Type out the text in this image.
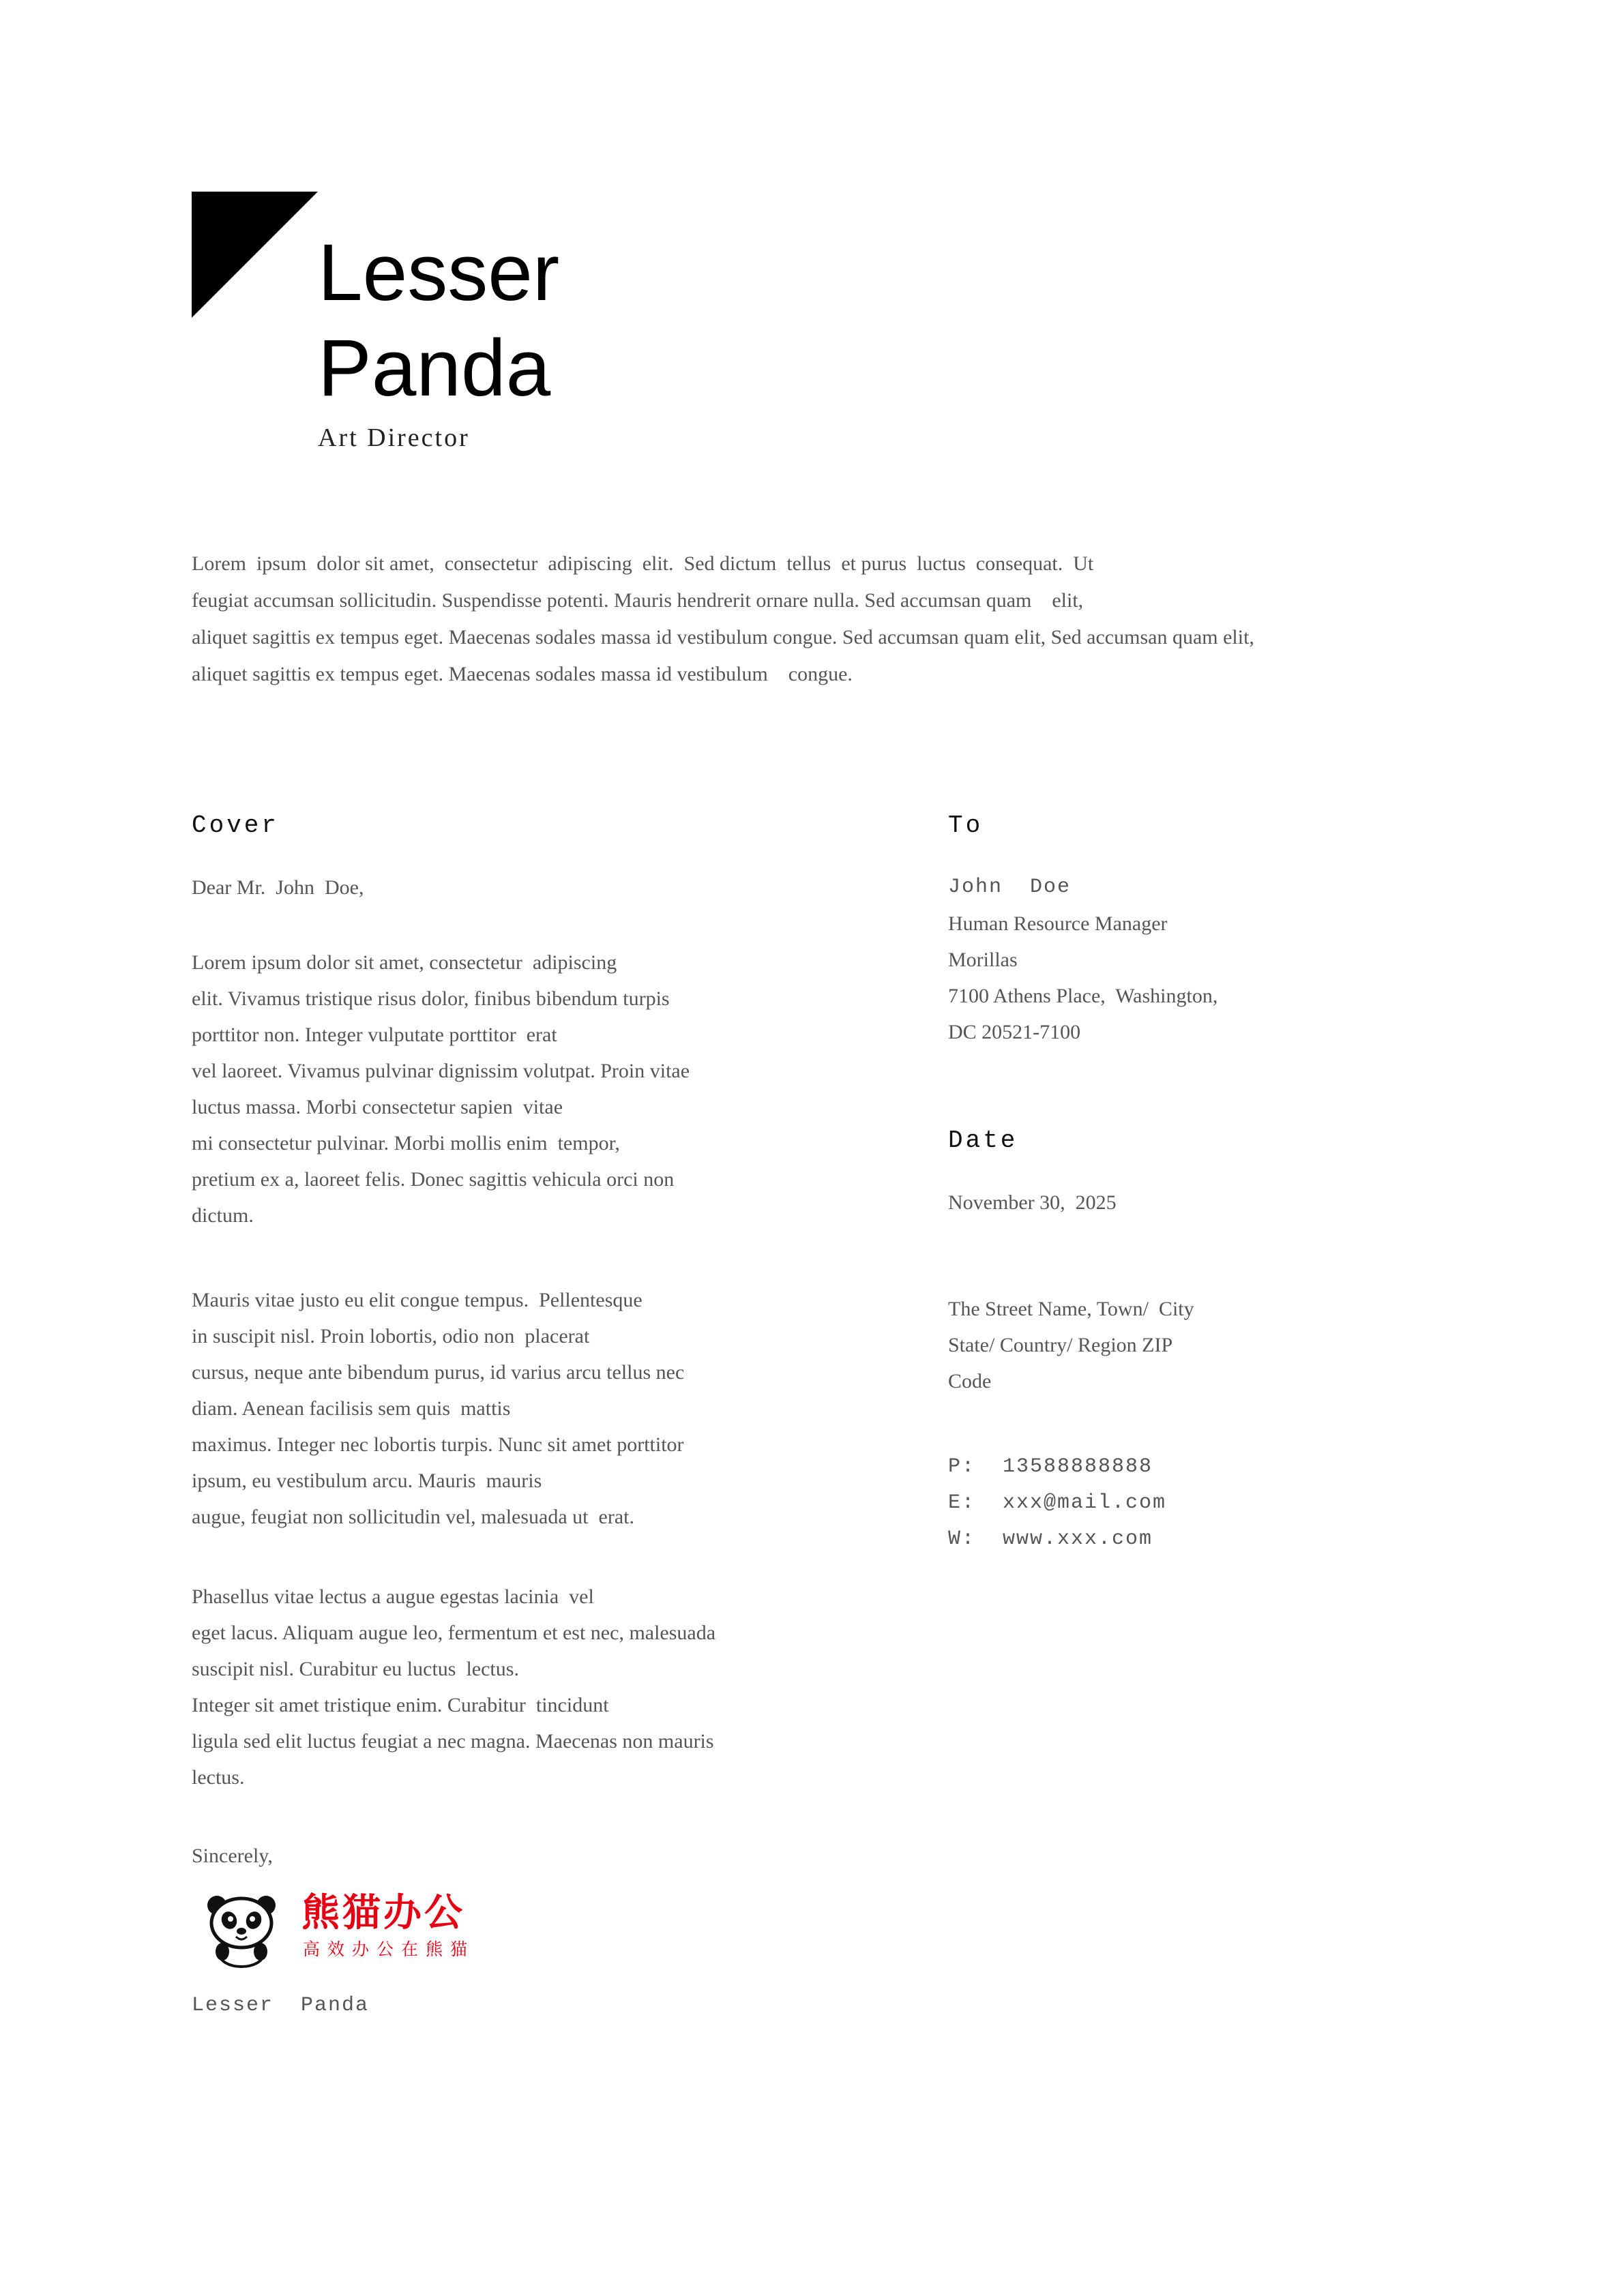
Lesser
Panda
Art Director

Lorem  ipsum  dolor sit amet,  consectetur  adipiscing  elit.  Sed dictum  tellus  et purus  luctus  consequat.  Ut

feugiat accumsan sollicitudin. Suspendisse potenti. Mauris hendrerit ornare nulla. Sed accumsan quam    elit,

aliquet sagittis ex tempus eget. Maecenas sodales massa id vestibulum congue. Sed accumsan quam elit, Sed accumsan quam elit,

aliquet sagittis ex tempus eget. Maecenas sodales massa id vestibulum    congue.

Cover

Dear Mr.  John  Doe,

Lorem ipsum dolor sit amet, consectetur  adipiscing

elit. Vivamus tristique risus dolor, finibus bibendum turpis

porttitor non. Integer vulputate porttitor  erat

vel laoreet. Vivamus pulvinar dignissim volutpat. Proin vitae

luctus massa. Morbi consectetur sapien  vitae

mi consectetur pulvinar. Morbi mollis enim  tempor,

pretium ex a, laoreet felis. Donec sagittis vehicula orci non

dictum.

Mauris vitae justo eu elit congue tempus.  Pellentesque

in suscipit nisl. Proin lobortis, odio non  placerat

cursus, neque ante bibendum purus, id varius arcu tellus nec

diam. Aenean facilisis sem quis  mattis

maximus. Integer nec lobortis turpis. Nunc sit amet porttitor

ipsum, eu vestibulum arcu. Mauris  mauris

augue, feugiat non sollicitudin vel, malesuada ut  erat.

Phasellus vitae lectus a augue egestas lacinia  vel

eget lacus. Aliquam augue leo, fermentum et est nec, malesuada

suscipit nisl. Curabitur eu luctus  lectus.

Integer sit amet tristique enim. Curabitur  tincidunt

ligula sed elit luctus feugiat a nec magna. Maecenas non mauris

lectus.

Sincerely,

熊猫办公
高效办公在熊猫

Lesser  Panda

To

John  Doe

Human Resource Manager

Morillas

7100 Athens Place,  Washington,

DC 20521-7100

Date

November 30,  2025

The Street Name, Town/  City

State/ Country/ Region ZIP

Code

P:  13588888888

E:  xxx@mail.com

W:  www.xxx.com
